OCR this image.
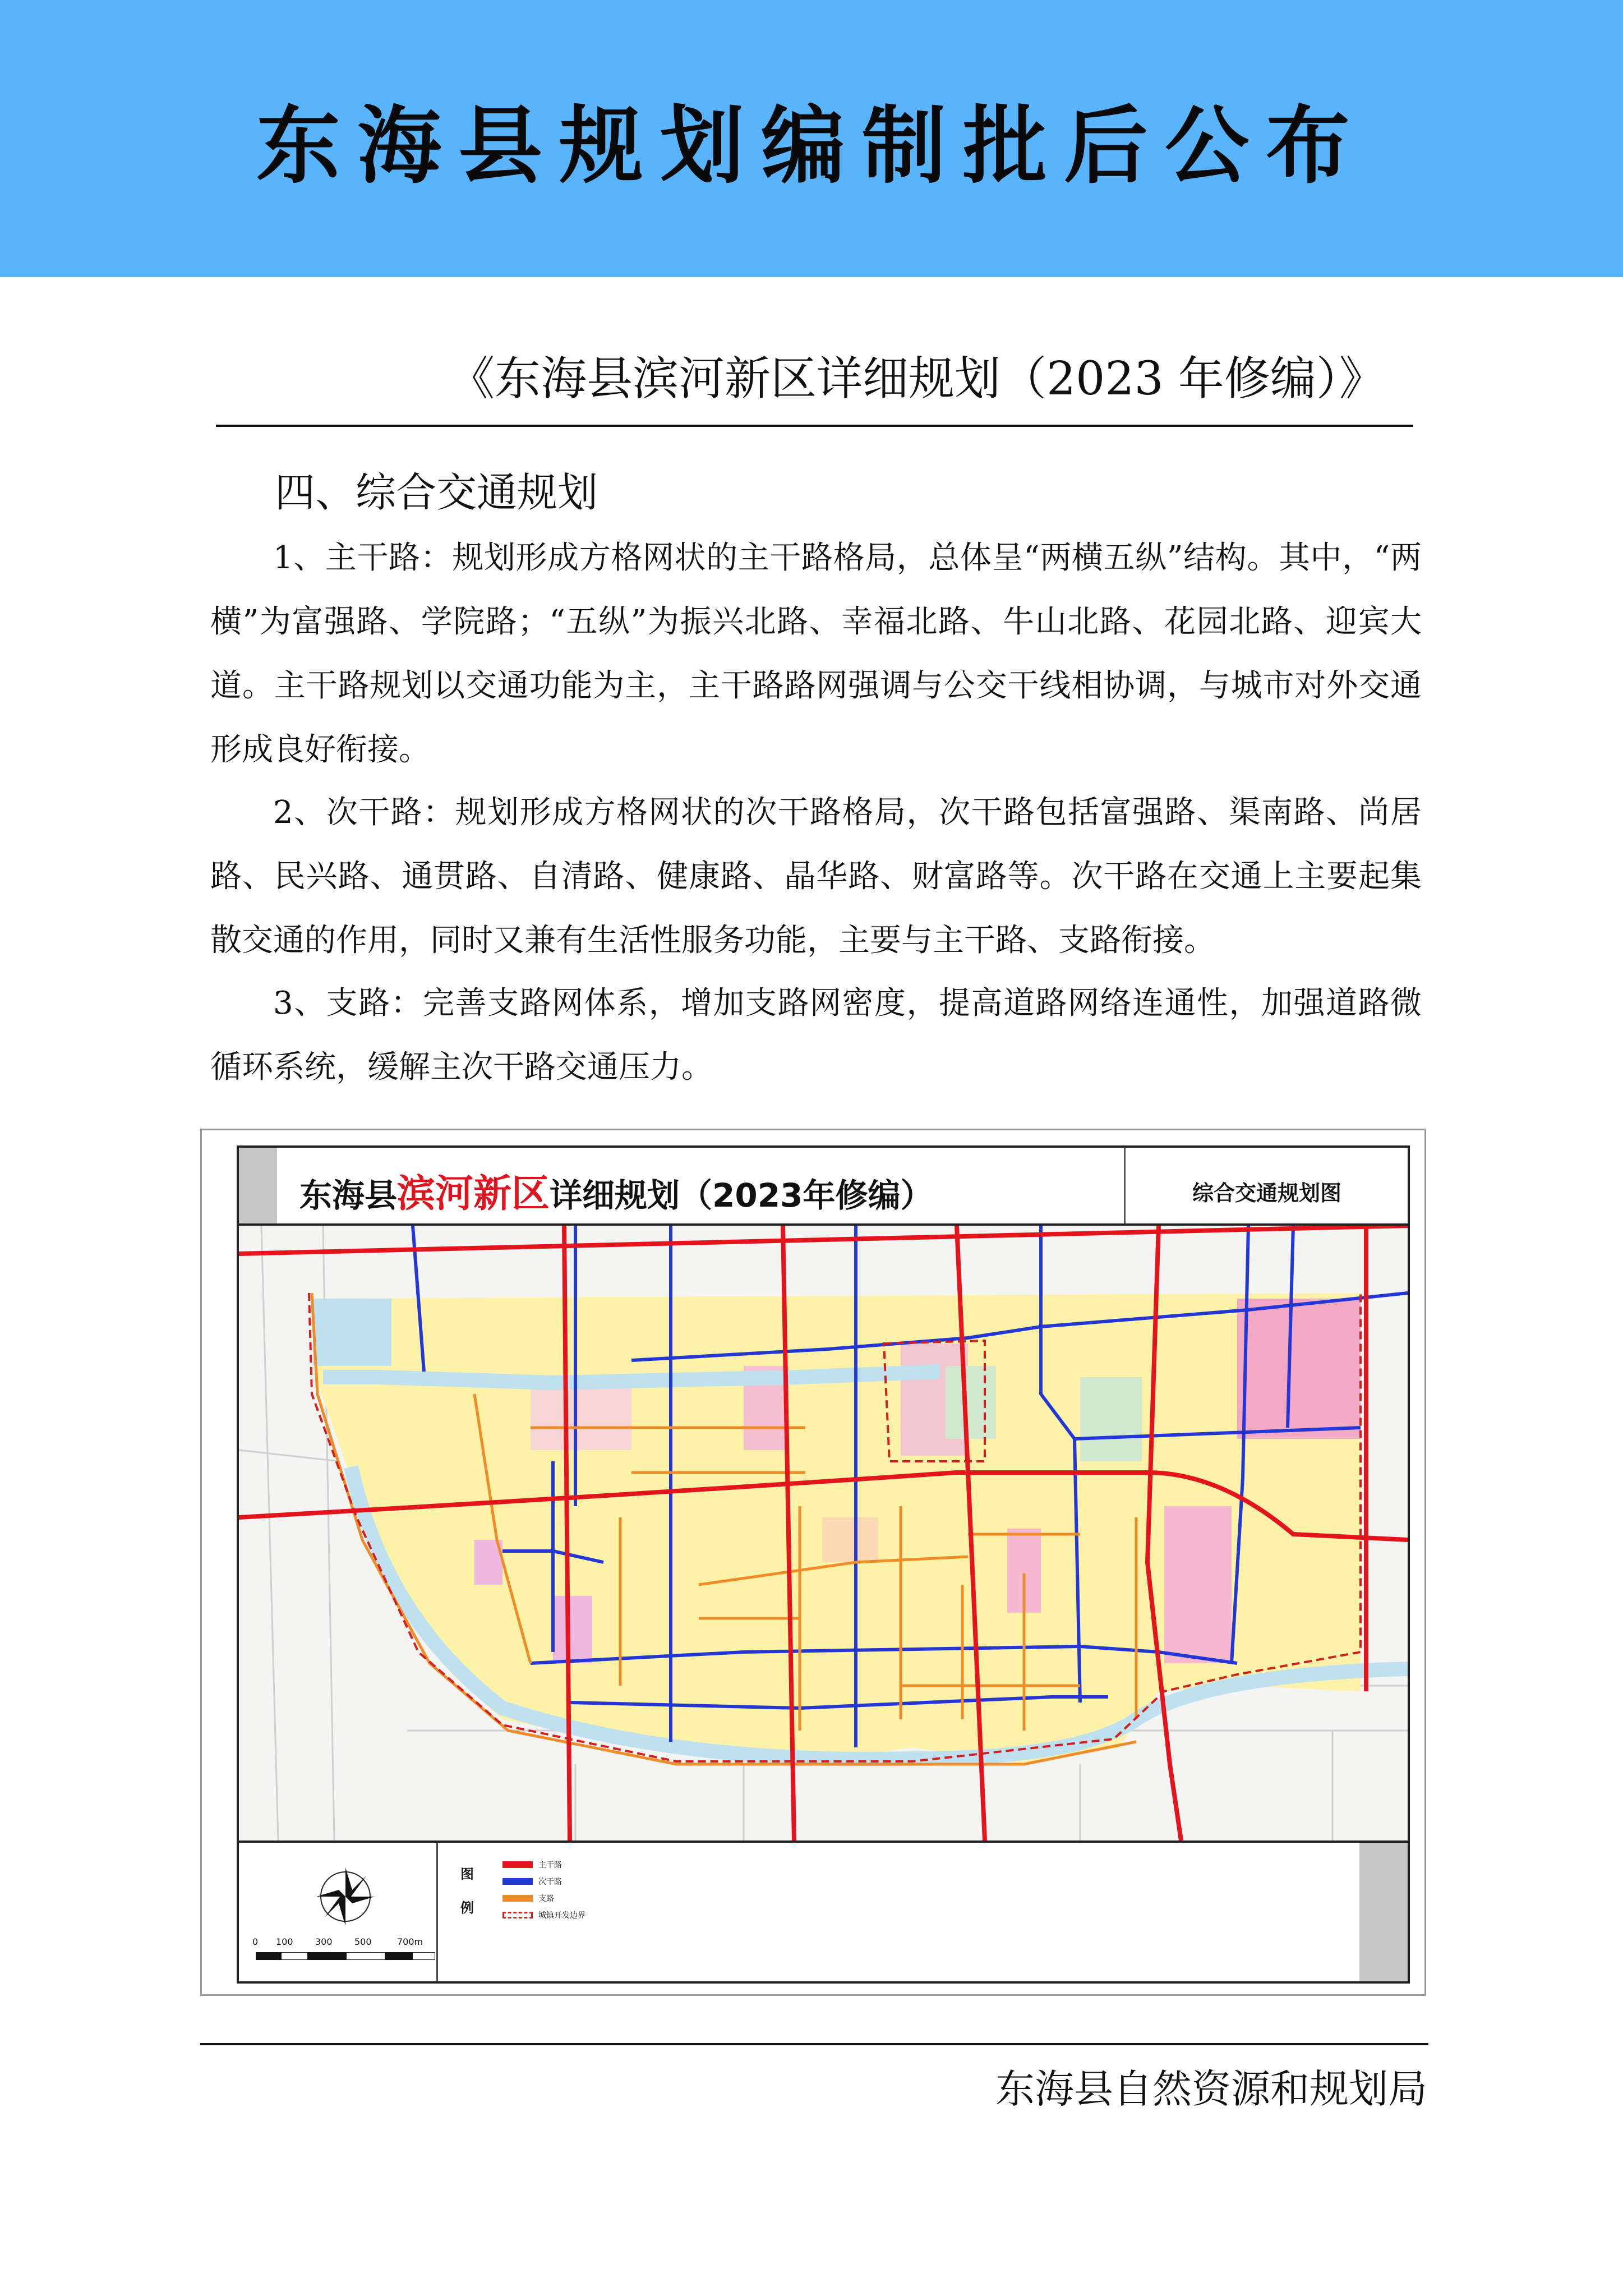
东海县规划编制批后公布
《东海县滨河新区详细规划（2023 年修编）》
四、综合交通规划

1、主干路：规划形成方格网状的主干路格局，总体呈“两横五纵”结构。其中，“两横”为富强路、学院路；“五纵”为振兴北路、幸福北路、牛山北路、花园北路、迎宾大道。主干路规划以交通功能为主，主干路路网强调与公交干线相协调，与城市对外交通形成良好衔接。

2、次干路：规划形成方格网状的次干路格局，次干路包括富强路、渠南路、尚居路、民兴路、通贯路、自清路、健康路、晶华路、财富路等。次干路在交通上主要起集散交通的作用，同时又兼有生活性服务功能，主要与主干路、支路衔接。

3、支路：完善支路网体系，增加支路网密度，提高道路网络连通性，加强道路微循环系统，缓解主次干路交通压力。

东海县滨河新区详细规划（2023年修编）	综合交通规划图
0 100 300 500	700m
图
例
主干路
次干路
支路
城镇开发边界
东海县自然资源和规划局
